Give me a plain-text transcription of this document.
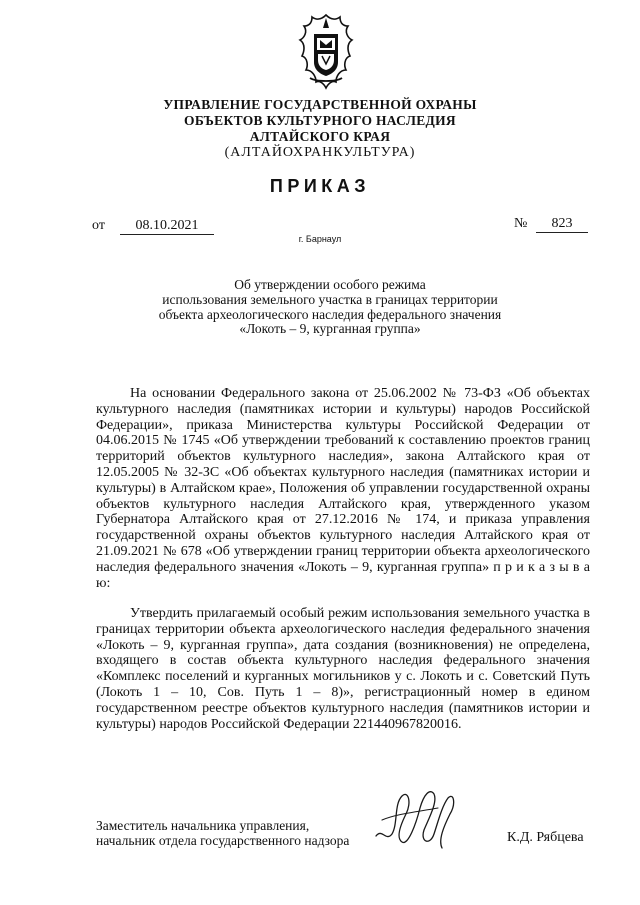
УПРАВЛЕНИЕ ГОСУДАРСТВЕННОЙ ОХРАНЫ
ОБЪЕКТОВ КУЛЬТУРНОГО НАСЛЕДИЯ
АЛТАЙСКОГО КРАЯ
(АЛТАЙОХРАНКУЛЬТУРА)
ПРИКАЗ
от	08.10.2021	№	823
г. Барнаул
Об утверждении особого режима
использования земельного участка в границах территории
объекта археологического наследия федерального значения
«Локоть – 9, курганная группа»
На основании Федерального закона от 25.06.2002 № 73-ФЗ «Об объектах культурного наследия (памятниках истории и культуры) народов Российской Федерации», приказа Министерства культуры Российской Федерации от 04.06.2015 № 1745 «Об утверждении требований к составлению проектов границ территорий объектов культурного наследия», закона Алтайского края от 12.05.2005 № 32-ЗС «Об объектах культурного наследия (памятниках истории и культуры) в Алтайском крае», Положения об управлении государственной охраны объектов культурного наследия Алтайского края, утвержденного указом Губернатора Алтайского края от 27.12.2016 № 174, и приказа управления государственной охраны объектов культурного наследия Алтайского края от 21.09.2021 № 678 «Об утверждении границ территории объекта археологического наследия федерального значения «Локоть – 9, курганная группа» п р и к а з ы в а ю:
Утвердить прилагаемый особый режим использования земельного участка в границах территории объекта археологического наследия федерального значения «Локоть – 9, курганная группа», дата создания (возникновения) не определена, входящего в состав объекта культурного наследия федерального значения «Комплекс поселений и курганных могильников у с. Локоть и с. Советский Путь (Локоть 1 – 10, Сов. Путь 1 – 8)», регистрационный номер в едином государственном реестре объектов культурного наследия (памятников истории и культуры) народов Российской Федерации 221440967820016.
Заместитель начальника управления,
начальник отдела государственного надзора	К.Д. Рябцева
